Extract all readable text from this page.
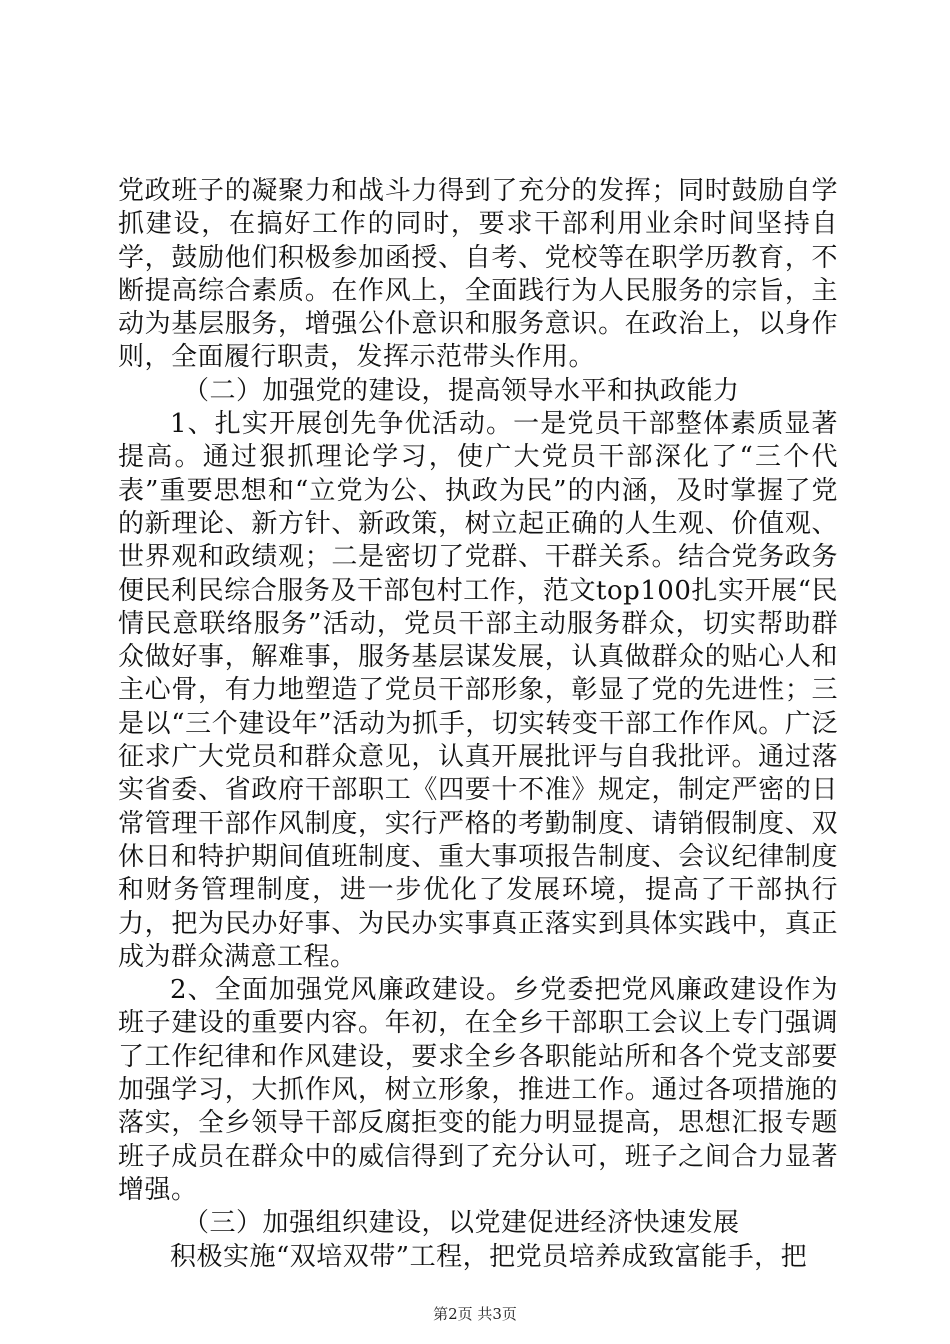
党政班子的凝聚力和战斗力得到了充分的发挥；同时鼓励自学抓建设，在搞好工作的同时，要求干部利用业余时间坚持自学，鼓励他们积极参加函授、自考、党校等在职学历教育，不断提高综合素质。在作风上，全面践行为人民服务的宗旨，主动为基层服务，增强公仆意识和服务意识。在政治上，以身作则，全面履行职责，发挥示范带头作用。

（二）加强党的建设，提高领导水平和执政能力

1、扎实开展创先争优活动。一是党员干部整体素质显著提高。通过狠抓理论学习，使广大党员干部深化了“三个代表”重要思想和“立党为公、执政为民”的内涵，及时掌握了党的新理论、新方针、新政策，树立起正确的人生观、价值观、世界观和政绩观；二是密切了党群、干群关系。结合党务政务便民利民综合服务及干部包村工作，范文top100扎实开展“民情民意联络服务”活动，党员干部主动服务群众，切实帮助群众做好事，解难事，服务基层谋发展，认真做群众的贴心人和主心骨，有力地塑造了党员干部形象，彰显了党的先进性；三是以“三个建设年”活动为抓手，切实转变干部工作作风。广泛征求广大党员和群众意见，认真开展批评与自我批评。通过落实省委、省政府干部职工《四要十不准》规定，制定严密的日常管理干部作风制度，实行严格的考勤制度、请销假制度、双休日和特护期间值班制度、重大事项报告制度、会议纪律制度和财务管理制度，进一步优化了发展环境，提高了干部执行力，把为民办好事、为民办实事真正落实到具体实践中，真正成为群众满意工程。

2、全面加强党风廉政建设。乡党委把党风廉政建设作为班子建设的重要内容。年初，在全乡干部职工会议上专门强调了工作纪律和作风建设，要求全乡各职能站所和各个党支部要加强学习，大抓作风，树立形象，推进工作。通过各项措施的落实，全乡领导干部反腐拒变的能力明显提高，思想汇报专题班子成员在群众中的威信得到了充分认可，班子之间合力显著增强。

（三）加强组织建设，以党建促进经济快速发展

积极实施“双培双带”工程，把党员培养成致富能手，把

第2页 共3页
